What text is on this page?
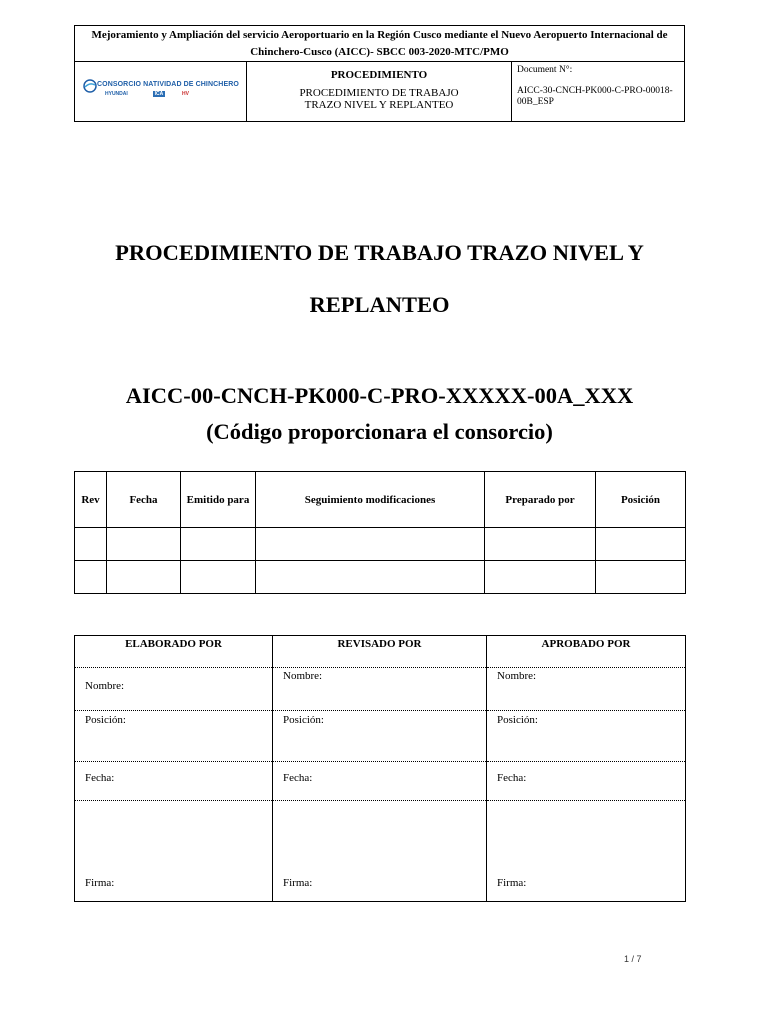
Mejoramiento y Ampliación del servicio Aeroportuario en la Región Cusco mediante el Nuevo Aeropuerto Internacional de Chinchero-Cusco (AICC)- SBCC 003-2020-MTC/PMO
CONSORCIO NATIVIDAD DE CHINCHERO
HYUNDAI	ICA	HV
PROCEDIMIENTO
PROCEDIMIENTO DE TRABAJO
TRAZO NIVEL Y REPLANTEO
Document N°:
AICC-30-CNCH-PK000-C-PRO-00018-00B_ESP
PROCEDIMIENTO DE TRABAJO TRAZO NIVEL Y
REPLANTEO
AICC-00-CNCH-PK000-C-PRO-XXXXX-00A_XXX
(Código proporcionara el consorcio)
Rev	Fecha	Emitido para	Seguimiento modificaciones	Preparado por	Posición

ELABORADO POR	REVISADO POR	APROBADO POR

Nombre:	Nombre:	Nombre:

Posición:	Posición:	Posición:

Fecha:	Fecha:	Fecha:

Firma:	Firma:	Firma:
1 / 7
